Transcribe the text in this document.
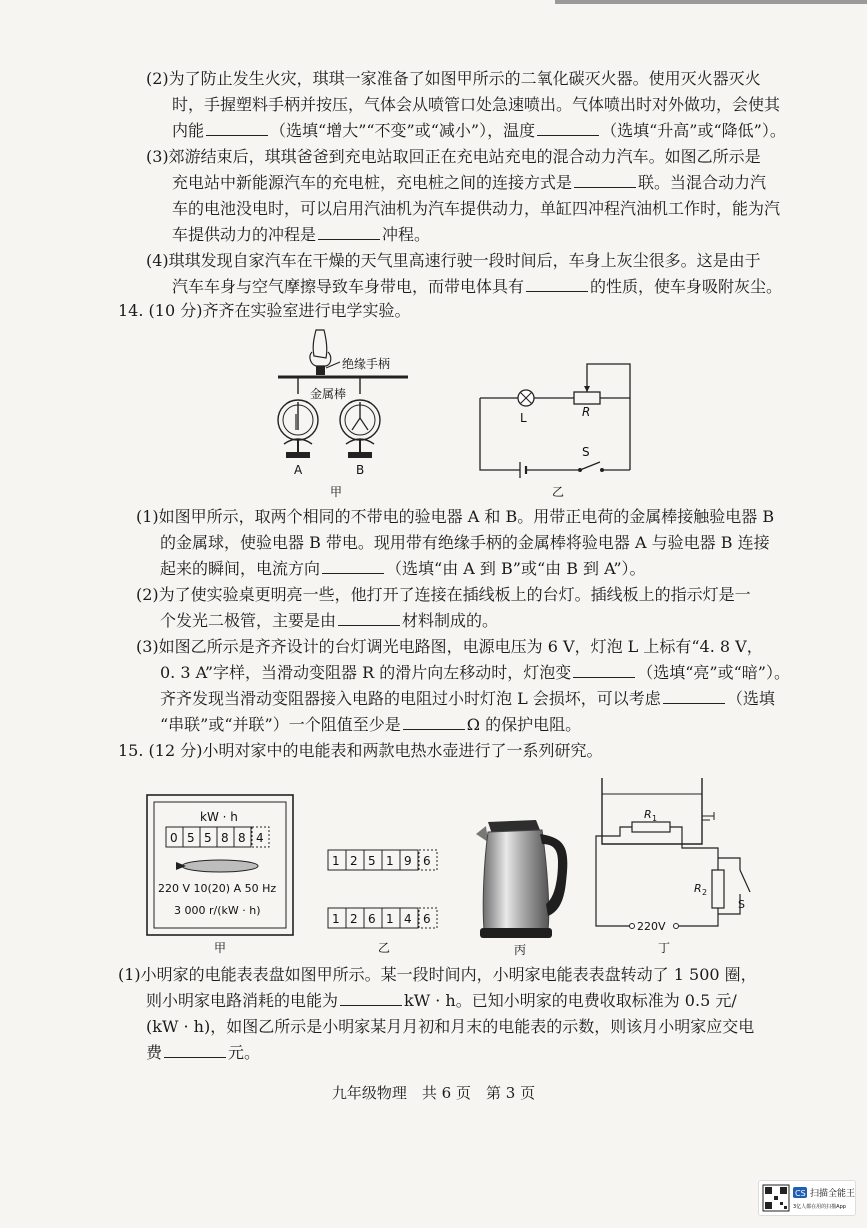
(2)为了防止发生火灾，琪琪一家准备了如图甲所示的二氧化碳灭火器。使用灭火器灭火
时，手握塑料手柄并按压，气体会从喷管口处急速喷出。气体喷出时对外做功，会使其
内能	（选填“增大”“不变”或“减小”），温度	（选填“升高”或“降低”）。
(3)郊游结束后，琪琪爸爸到充电站取回正在充电站充电的混合动力汽车。如图乙所示是
充电站中新能源汽车的充电桩，充电桩之间的连接方式是	联。当混合动力汽
车的电池没电时，可以启用汽油机为汽车提供动力，单缸四冲程汽油机工作时，能为汽
车提供动力的冲程是	冲程。
(4)琪琪发现自家汽车在干燥的天气里高速行驶一段时间后，车身上灰尘很多。这是由于
汽车车身与空气摩擦导致车身带电，而带电体具有	的性质，使车身吸附灰尘。
14. (10 分)齐齐在实验室进行电学实验。
绝缘手柄
金属棒
A	B
甲
L	R
S
乙
(1)如图甲所示，取两个相同的不带电的验电器 A 和 B。用带正电荷的金属棒接触验电器 B
的金属球，使验电器 B 带电。现用带有绝缘手柄的金属棒将验电器 A 与验电器 B 连接
起来的瞬间，电流方向	（选填“由 A 到 B”或“由 B 到 A”）。
(2)为了使实验桌更明亮一些，他打开了连接在插线板上的台灯。插线板上的指示灯是一
个发光二极管，主要是由	材料制成的。
(3)如图乙所示是齐齐设计的台灯调光电路图，电源电压为 6 V，灯泡 L 上标有“4. 8 V，
0. 3 A”字样，当滑动变阻器 R 的滑片向左移动时，灯泡变	（选填“亮”或“暗”）。
齐齐发现当滑动变阻器接入电路的电阻过小时灯泡 L 会损坏，可以考虑	（选填
“串联”或“并联”）一个阻值至少是	Ω 的保护电阻。
15. (12 分)小明对家中的电能表和两款电热水壶进行了一系列研究。
kW · h
0 5 5 8 8 4
220 V 10(20) A 50 Hz
3 000 r/(kW · h)
甲
1 2 5 1 9 6
1 2 6 1 4 6
乙	丙
R 1
R 2
S
220V
丁
(1)小明家的电能表表盘如图甲所示。某一段时间内，小明家电能表表盘转动了 1 500 圈，
则小明家电路消耗的电能为	kW · h。已知小明家的电费收取标准为 0.5 元/
(kW · h)，如图乙所示是小明家某月月初和月末的电能表的示数，则该月小明家应交电
费	元。
九年级物理　共 6 页　第 3 页
CS 扫描全能王
3亿人都在用的扫描App
